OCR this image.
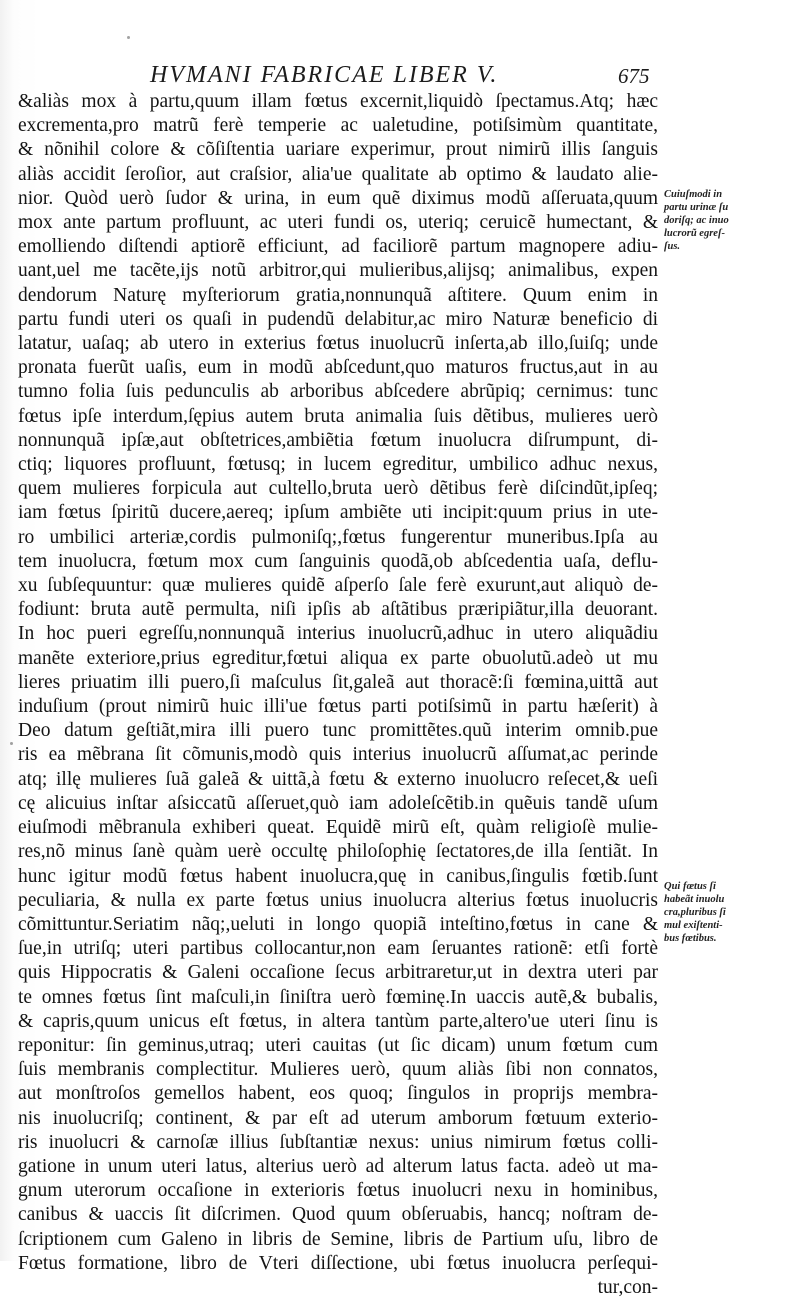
HVMANI FABRICAE LIBER V.	675
&aliàs mox à partu,quum illam fœtus excernit,liquidò ſpectamus.Atq; hæc
excrementa,pro matrũ ferè temperie ac ualetudine, potiſsimùm quantitate,
& nõnihil colore & cõſiſtentia uariare experimur, prout nimirũ illis ſanguis
aliàs accidit ſeroſior, aut craſsior, alia'ue qualitate ab optimo & laudato alie-
nior. Quòd uerò ſudor & urina, in eum quẽ diximus modũ aſſeruata,quum
mox ante partum profluunt, ac uteri fundi os, uteriq; ceruicẽ humectant, &
emolliendo diſtendi aptiorẽ efficiunt, ad faciliorẽ partum magnopere adiu-
uant,uel me tacẽte,ijs notũ arbitror,qui mulieribus,alijsq; animalibus, expen
dendorum Naturę myſteriorum gratia,nonnunquã aſtitere. Quum enim in
partu fundi uteri os quaſi in pudendũ delabitur,ac miro Naturæ beneficio di
latatur, uaſaq; ab utero in exterius fœtus inuolucrũ inſerta,ab illo,ſuiſq; unde
pronata fuerũt uaſis, eum in modũ abſcedunt,quo maturos fructus,aut in au
tumno folia ſuis pedunculis ab arboribus abſcedere abrũpiq; cernimus: tunc
fœtus ipſe interdum,ſępius autem bruta animalia ſuis dẽtibus, mulieres uerò
nonnunquã ipſæ,aut obſtetrices,ambiẽtia fœtum inuolucra diſrumpunt, di-
ctiq; liquores profluunt, fœtusq; in lucem egreditur, umbilico adhuc nexus,
quem mulieres forpicula aut cultello,bruta uerò dẽtibus ferè diſcindũt,ipſeq;
iam fœtus ſpiritũ ducere,aereq; ipſum ambiẽte uti incipit:quum prius in ute-
ro umbilici arteriæ,cordis pulmoniſq;,fœtus fungerentur muneribus.Ipſa au
tem inuolucra, fœtum mox cum ſanguinis quodã,ob abſcedentia uaſa, deflu-
xu ſubſequuntur: quæ mulieres quidẽ aſperſo ſale ferè exurunt,aut aliquò de-
fodiunt: bruta autẽ permulta, niſi ipſis ab aſtãtibus præripiãtur,illa deuorant.
In hoc pueri egreſſu,nonnunquã interius inuolucrũ,adhuc in utero aliquãdiu
manẽte exteriore,prius egreditur,fœtui aliqua ex parte obuolutũ.adeò ut mu
lieres priuatim illi puero,ſi maſculus ſit,galeã aut thoracẽ:ſi fœmina,uittã aut
induſium (prout nimirũ huic illi'ue fœtus parti potiſsimũ in partu hæſerit) à
Deo datum geſtiãt,mira illi puero tunc promittẽtes.quũ interim omnib.pue
ris ea mẽbrana ſit cõmunis,modò quis interius inuolucrũ aſſumat,ac perinde
atq; illę mulieres ſuã galeã & uittã,à fœtu & externo inuolucro reſecet,& ueſi
cę alicuius inſtar aſsiccatũ aſſeruet,quò iam adoleſcẽtib.in quẽuis tandẽ uſum
eiuſmodi mẽbranula exhiberi queat. Equidẽ mirũ eſt, quàm religioſè mulie-
res,nõ minus ſanè quàm uerè occultę philoſophię ſectatores,de illa ſentiãt. In
hunc igitur modũ fœtus habent inuolucra,quę in canibus,ſingulis fœtib.ſunt
peculiaria, & nulla ex parte fœtus unius inuolucra alterius fœtus inuolucris
cõmittuntur.Seriatim nãq;,ueluti in longo quopiã inteſtino,fœtus in cane &
ſue,in utriſq; uteri partibus collocantur,non eam ſeruantes rationẽ: etſi fortè
quis Hippocratis & Galeni occaſione ſecus arbitraretur,ut in dextra uteri par
te omnes fœtus ſint maſculi,in ſiniſtra uerò fœminę.In uaccis autẽ,& bubalis,
& capris,quum unicus eſt fœtus, in altera tantùm parte,altero'ue uteri ſinu is
reponitur: ſin geminus,utraq; uteri cauitas (ut ſic dicam) unum fœtum cum
ſuis membranis complectitur. Mulieres uerò, quum aliàs ſibi non connatos,
aut monſtroſos gemellos habent, eos quoq; ſingulos in proprijs membra-
nis inuolucriſq; continent, & par eſt ad uterum amborum fœtuum exterio-
ris inuolucri & carnoſæ illius ſubſtantiæ nexus: unius nimirum fœtus colli-
gatione in unum uteri latus, alterius uerò ad alterum latus facta. adeò ut ma-
gnum uterorum occaſione in exterioris fœtus inuolucri nexu in hominibus,
canibus & uaccis ſit diſcrimen. Quod quum obſeruabis, hancq; noſtram de-
ſcriptionem cum Galeno in libris de Semine, libris de Partium uſu, libro de
Fœtus formatione, libro de Vteri diſſectione, ubi fœtus inuolucra perſequi-
tur,con-
Cuiuſmodi in
partu urinæ ſu
doriſq; ac inuo
lucrorũ egreſ-
ſus.
Qui fœtus ſi
habeãt inuolu
cra,pluribus ſi
mul exiſtenti-
bus fœtibus.
